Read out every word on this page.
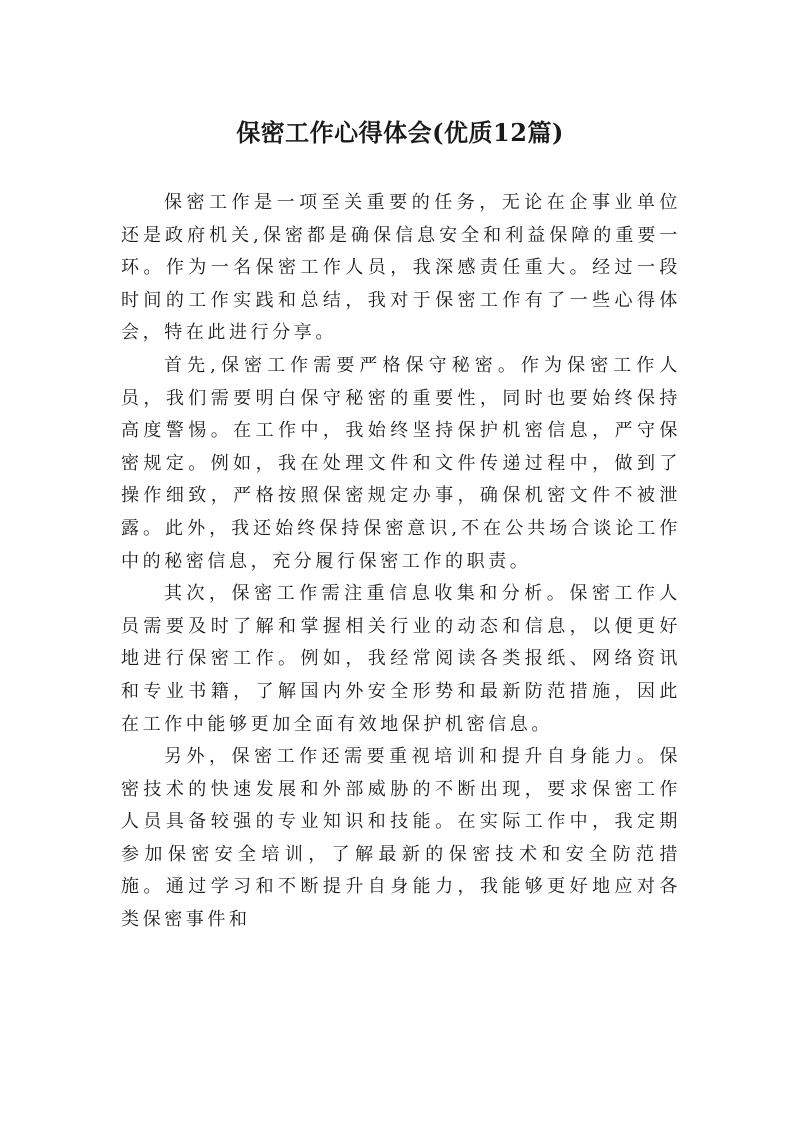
保密工作心得体会(优质12篇)

保密工作是一项至关重要的任务，无论在企事业单位还是政府机关,保密都是确保信息安全和利益保障的重要一环。作为一名保密工作人员，我深感责任重大。经过一段时间的工作实践和总结，我对于保密工作有了一些心得体会，特在此进行分享。

首先,保密工作需要严格保守秘密。作为保密工作人员，我们需要明白保守秘密的重要性，同时也要始终保持高度警惕。在工作中，我始终坚持保护机密信息，严守保密规定。例如，我在处理文件和文件传递过程中，做到了操作细致，严格按照保密规定办事，确保机密文件不被泄露。此外，我还始终保持保密意识,不在公共场合谈论工作中的秘密信息，充分履行保密工作的职责。

其次，保密工作需注重信息收集和分析。保密工作人员需要及时了解和掌握相关行业的动态和信息，以便更好地进行保密工作。例如，我经常阅读各类报纸、网络资讯和专业书籍，了解国内外安全形势和最新防范措施，因此在工作中能够更加全面有效地保护机密信息。

另外，保密工作还需要重视培训和提升自身能力。保密技术的快速发展和外部威胁的不断出现，要求保密工作人员具备较强的专业知识和技能。在实际工作中，我定期参加保密安全培训，了解最新的保密技术和安全防范措施。通过学习和不断提升自身能力，我能够更好地应对各类保密事件和
